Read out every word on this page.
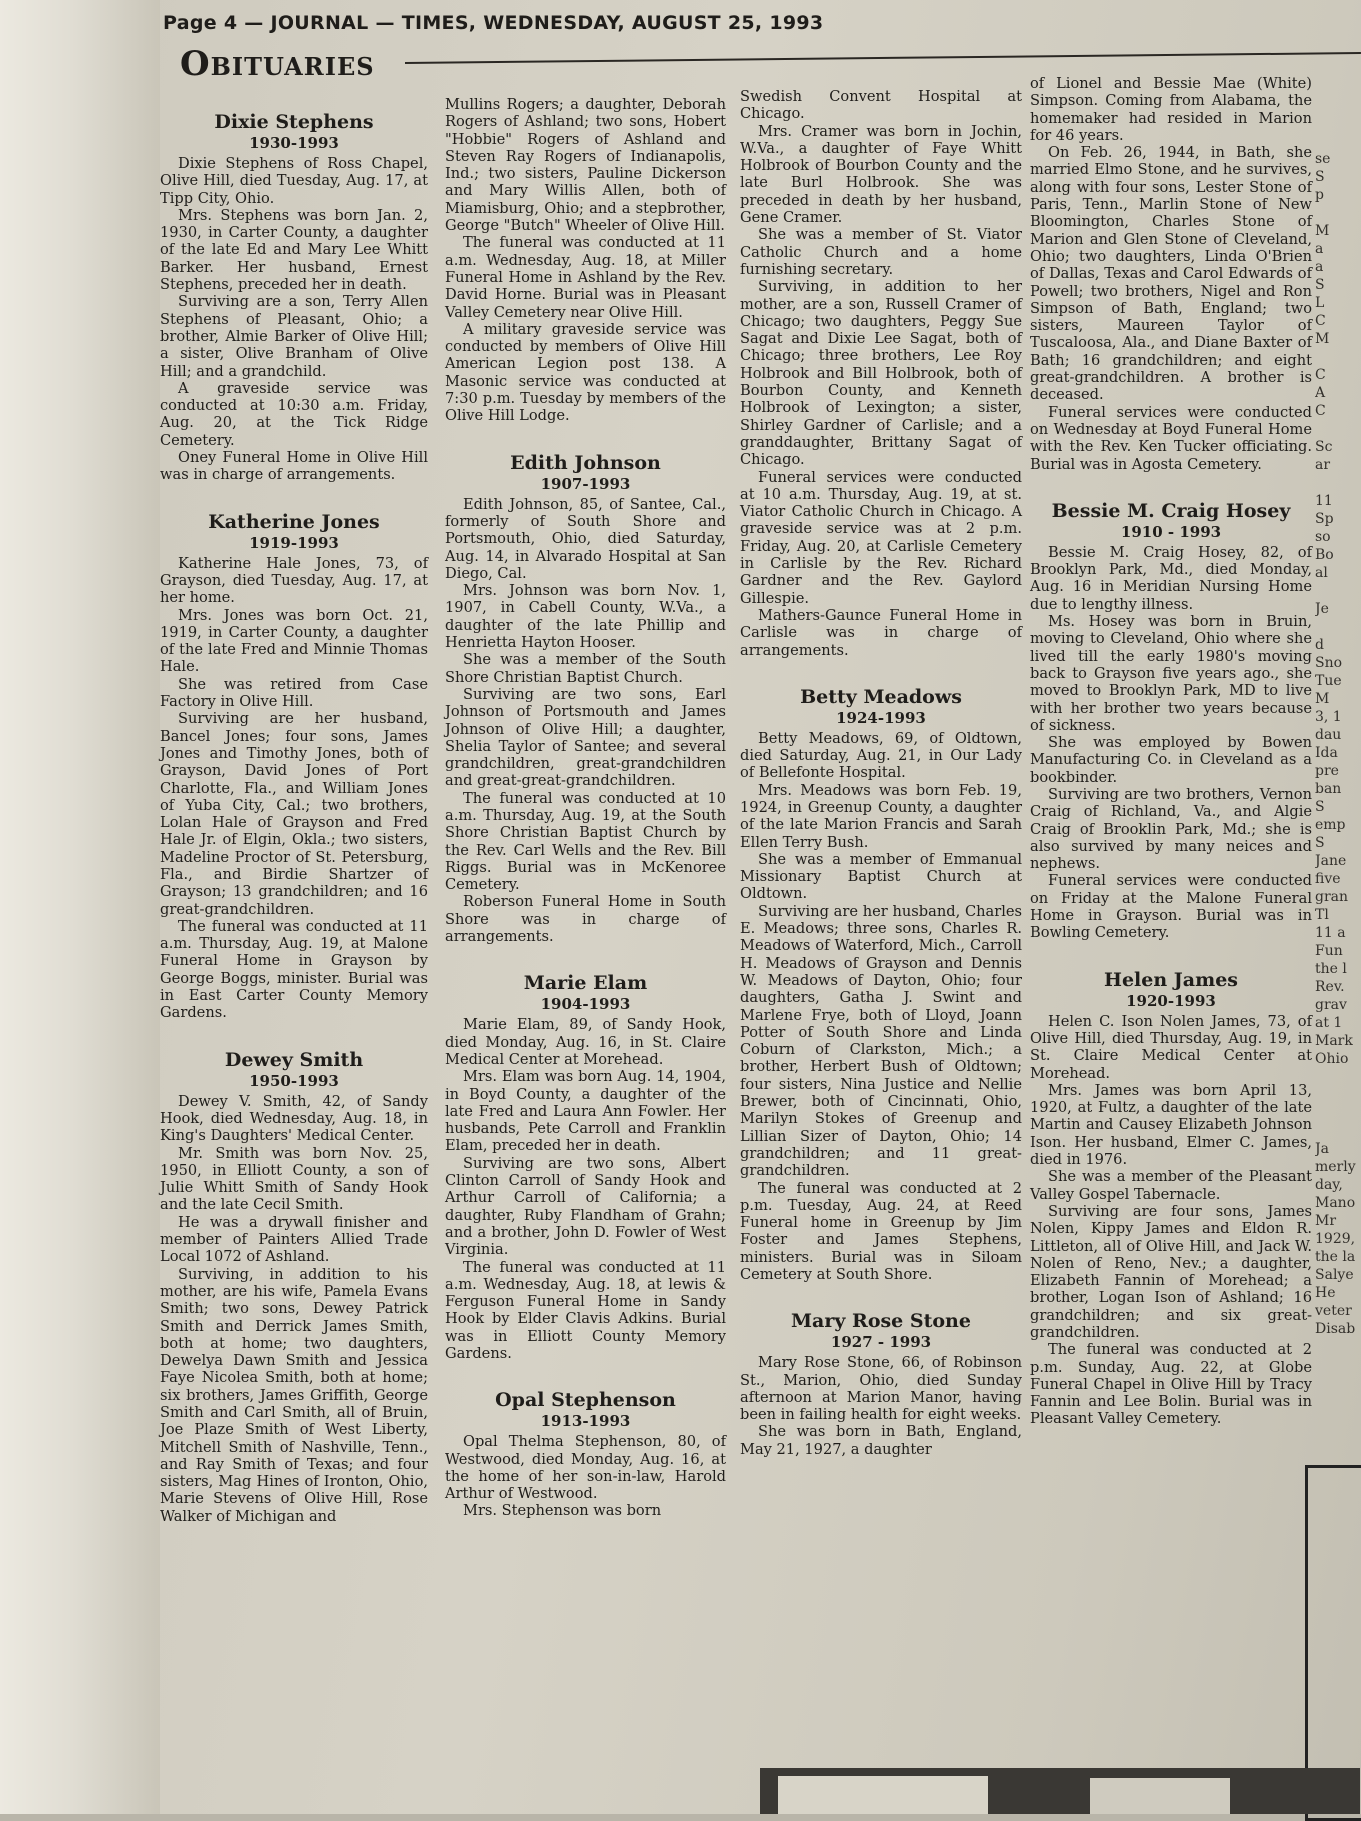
Page 4 — JOURNAL — TIMES, WEDNESDAY, AUGUST 25, 1993
Obituaries
Dixie Stephens
1930-1993

Dixie Stephens of Ross Chapel, Olive Hill, died Tuesday, Aug. 17, at Tipp City, Ohio.

Mrs. Stephens was born Jan. 2, 1930, in Carter County, a daughter of the late Ed and Mary Lee Whitt Barker. Her husband, Ernest Stephens, preceded her in death.

Surviving are a son, Terry Allen Stephens of Pleasant, Ohio; a brother, Almie Barker of Olive Hill; a sister, Olive Branham of Olive Hill; and a grandchild.

A graveside service was conducted at 10:30 a.m. Friday, Aug. 20, at the Tick Ridge Cemetery.

Oney Funeral Home in Olive Hill was in charge of arrangements.

Katherine Jones
1919-1993

Katherine Hale Jones, 73, of Grayson, died Tuesday, Aug. 17, at her home.

Mrs. Jones was born Oct. 21, 1919, in Carter County, a daughter of the late Fred and Minnie Thomas Hale.

She was retired from Case Factory in Olive Hill.

Surviving are her husband, Bancel Jones; four sons, James Jones and Timothy Jones, both of Grayson, David Jones of Port Charlotte, Fla., and William Jones of Yuba City, Cal.; two brothers, Lolan Hale of Grayson and Fred Hale Jr. of Elgin, Okla.; two sisters, Madeline Proctor of St. Petersburg, Fla., and Birdie Shartzer of Grayson; 13 grandchildren; and 16 great-grandchildren.

The funeral was conducted at 11 a.m. Thursday, Aug. 19, at Malone Funeral Home in Grayson by George Boggs, minister. Burial was in East Carter County Memory Gardens.

Dewey Smith
1950-1993

Dewey V. Smith, 42, of Sandy Hook, died Wednesday, Aug. 18, in King's Daughters' Medical Center.

Mr. Smith was born Nov. 25, 1950, in Elliott County, a son of Julie Whitt Smith of Sandy Hook and the late Cecil Smith.

He was a drywall finisher and member of Painters Allied Trade Local 1072 of Ashland.

Surviving, in addition to his mother, are his wife, Pamela Evans Smith; two sons, Dewey Patrick Smith and Derrick James Smith, both at home; two daughters, Dewelya Dawn Smith and Jessica Faye Nicolea Smith, both at home; six brothers, James Griffith, George Smith and Carl Smith, all of Bruin, Joe Plaze Smith of West Liberty, Mitchell Smith of Nashville, Tenn., and Ray Smith of Texas; and four sisters, Mag Hines of Ironton, Ohio, Marie Stevens of Olive Hill, Rose Walker of Michigan and

Mullins Rogers; a daughter, Deborah Rogers of Ashland; two sons, Hobert "Hobbie" Rogers of Ashland and Steven Ray Rogers of Indianapolis, Ind.; two sisters, Pauline Dickerson and Mary Willis Allen, both of Miamisburg, Ohio; and a stepbrother, George "Butch" Wheeler of Olive Hill.

The funeral was conducted at 11 a.m. Wednesday, Aug. 18, at Miller Funeral Home in Ashland by the Rev. David Horne. Burial was in Pleasant Valley Cemetery near Olive Hill.

A military graveside service was conducted by members of Olive Hill American Legion post 138. A Masonic service was conducted at 7:30 p.m. Tuesday by members of the Olive Hill Lodge.

Edith Johnson
1907-1993

Edith Johnson, 85, of Santee, Cal., formerly of South Shore and Portsmouth, Ohio, died Saturday, Aug. 14, in Alvarado Hospital at San Diego, Cal.

Mrs. Johnson was born Nov. 1, 1907, in Cabell County, W.Va., a daughter of the late Phillip and Henrietta Hayton Hooser.

She was a member of the South Shore Christian Baptist Church.

Surviving are two sons, Earl Johnson of Portsmouth and James Johnson of Olive Hill; a daughter, Shelia Taylor of Santee; and several grandchildren, great-grandchildren and great-great-grandchildren.

The funeral was conducted at 10 a.m. Thursday, Aug. 19, at the South Shore Christian Baptist Church by the Rev. Carl Wells and the Rev. Bill Riggs. Burial was in McKenoree Cemetery.

Roberson Funeral Home in South Shore was in charge of arrangements.

Marie Elam
1904-1993

Marie Elam, 89, of Sandy Hook, died Monday, Aug. 16, in St. Claire Medical Center at Morehead.

Mrs. Elam was born Aug. 14, 1904, in Boyd County, a daughter of the late Fred and Laura Ann Fowler. Her husbands, Pete Carroll and Franklin Elam, preceded her in death.

Surviving are two sons, Albert Clinton Carroll of Sandy Hook and Arthur Carroll of California; a daughter, Ruby Flandham of Grahn; and a brother, John D. Fowler of West Virginia.

The funeral was conducted at 11 a.m. Wednesday, Aug. 18, at lewis & Ferguson Funeral Home in Sandy Hook by Elder Clavis Adkins. Burial was in Elliott County Memory Gardens.

Opal Stephenson
1913-1993

Opal Thelma Stephenson, 80, of Westwood, died Monday, Aug. 16, at the home of her son-in-law, Harold Arthur of Westwood.

Mrs. Stephenson was born

Swedish Convent Hospital at Chicago.

Mrs. Cramer was born in Jochin, W.Va., a daughter of Faye Whitt Holbrook of Bourbon County and the late Burl Holbrook. She was preceded in death by her husband, Gene Cramer.

She was a member of St. Viator Catholic Church and a home furnishing secretary.

Surviving, in addition to her mother, are a son, Russell Cramer of Chicago; two daughters, Peggy Sue Sagat and Dixie Lee Sagat, both of Chicago; three brothers, Lee Roy Holbrook and Bill Holbrook, both of Bourbon County, and Kenneth Holbrook of Lexington; a sister, Shirley Gardner of Carlisle; and a granddaughter, Brittany Sagat of Chicago.

Funeral services were conducted at 10 a.m. Thursday, Aug. 19, at st. Viator Catholic Church in Chicago. A graveside service was at 2 p.m. Friday, Aug. 20, at Carlisle Cemetery in Carlisle by the Rev. Richard Gardner and the Rev. Gaylord Gillespie.

Mathers-Gaunce Funeral Home in Carlisle was in charge of arrangements.

Betty Meadows
1924-1993

Betty Meadows, 69, of Oldtown, died Saturday, Aug. 21, in Our Lady of Bellefonte Hospital.

Mrs. Meadows was born Feb. 19, 1924, in Greenup County, a daughter of the late Marion Francis and Sarah Ellen Terry Bush.

She was a member of Emmanual Missionary Baptist Church at Oldtown.

Surviving are her husband, Charles E. Meadows; three sons, Charles R. Meadows of Waterford, Mich., Carroll H. Meadows of Grayson and Dennis W. Meadows of Dayton, Ohio; four daughters, Gatha J. Swint and Marlene Frye, both of Lloyd, Joann Potter of South Shore and Linda Coburn of Clarkston, Mich.; a brother, Herbert Bush of Oldtown; four sisters, Nina Justice and Nellie Brewer, both of Cincinnati, Ohio, Marilyn Stokes of Greenup and Lillian Sizer of Dayton, Ohio; 14 grandchildren; and 11 great-grandchildren.

The funeral was conducted at 2 p.m. Tuesday, Aug. 24, at Reed Funeral home in Greenup by Jim Foster and James Stephens, ministers. Burial was in Siloam Cemetery at South Shore.

Mary Rose Stone
1927 - 1993

Mary Rose Stone, 66, of Robinson St., Marion, Ohio, died Sunday afternoon at Marion Manor, having been in failing health for eight weeks.

She was born in Bath, England, May 21, 1927, a daughter

of Lionel and Bessie Mae (White) Simpson. Coming from Alabama, the homemaker had resided in Marion for 46 years.

On Feb. 26, 1944, in Bath, she married Elmo Stone, and he survives, along with four sons, Lester Stone of Paris, Tenn., Marlin Stone of New Bloomington, Charles Stone of Marion and Glen Stone of Cleveland, Ohio; two daughters, Linda O'Brien of Dallas, Texas and Carol Edwards of Powell; two brothers, Nigel and Ron Simpson of Bath, England; two sisters, Maureen Taylor of Tuscaloosa, Ala., and Diane Baxter of Bath; 16 grandchildren; and eight great-grandchildren. A brother is deceased.

Funeral services were conducted on Wednesday at Boyd Funeral Home with the Rev. Ken Tucker officiating. Burial was in Agosta Cemetery.

Bessie M. Craig Hosey
1910 - 1993

Bessie M. Craig Hosey, 82, of Brooklyn Park, Md., died Monday, Aug. 16 in Meridian Nursing Home due to lengthy illness.

Ms. Hosey was born in Bruin, moving to Cleveland, Ohio where she lived till the early 1980's moving back to Grayson five years ago., she moved to Brooklyn Park, MD to live with her brother two years because of sickness.

She was employed by Bowen Manufacturing Co. in Cleveland as a bookbinder.

Surviving are two brothers, Vernon Craig of Richland, Va., and Algie Craig of Brooklin Park, Md.; she is also survived by many neices and nephews.

Funeral services were conducted on Friday at the Malone Funeral Home in Grayson. Burial was in Bowling Cemetery.

Helen James
1920-1993

Helen C. Ison Nolen James, 73, of Olive Hill, died Thursday, Aug. 19, in St. Claire Medical Center at Morehead.

Mrs. James was born April 13, 1920, at Fultz, a daughter of the late Martin and Causey Elizabeth Johnson Ison. Her husband, Elmer C. James, died in 1976.

She was a member of the Pleasant Valley Gospel Tabernacle.

Surviving are four sons, James Nolen, Kippy James and Eldon R. Littleton, all of Olive Hill, and Jack W. Nolen of Reno, Nev.; a daughter, Elizabeth Fannin of Morehead; a brother, Logan Ison of Ashland; 16 grandchildren; and six great-grandchildren.

The funeral was conducted at 2 p.m. Sunday, Aug. 22, at Globe Funeral Chapel in Olive Hill by Tracy Fannin and Lee Bolin. Burial was in Pleasant Valley Cemetery.

se
S
p

M
a
a
S
L
C
M

C
A
C

Sc
ar

11
Sp
so
Bo
al

Je

d
Sno
Tue
M
3, 1
dau
Ida
pre
ban
S
emp
S
Jane
five
gran
Tl
11 a
Fun
the l
Rev.
grav
at 1
Mark
Ohio

Ja
merly
day,
Mano
Mr
1929,
the la
Salye
He
veter
Disab
